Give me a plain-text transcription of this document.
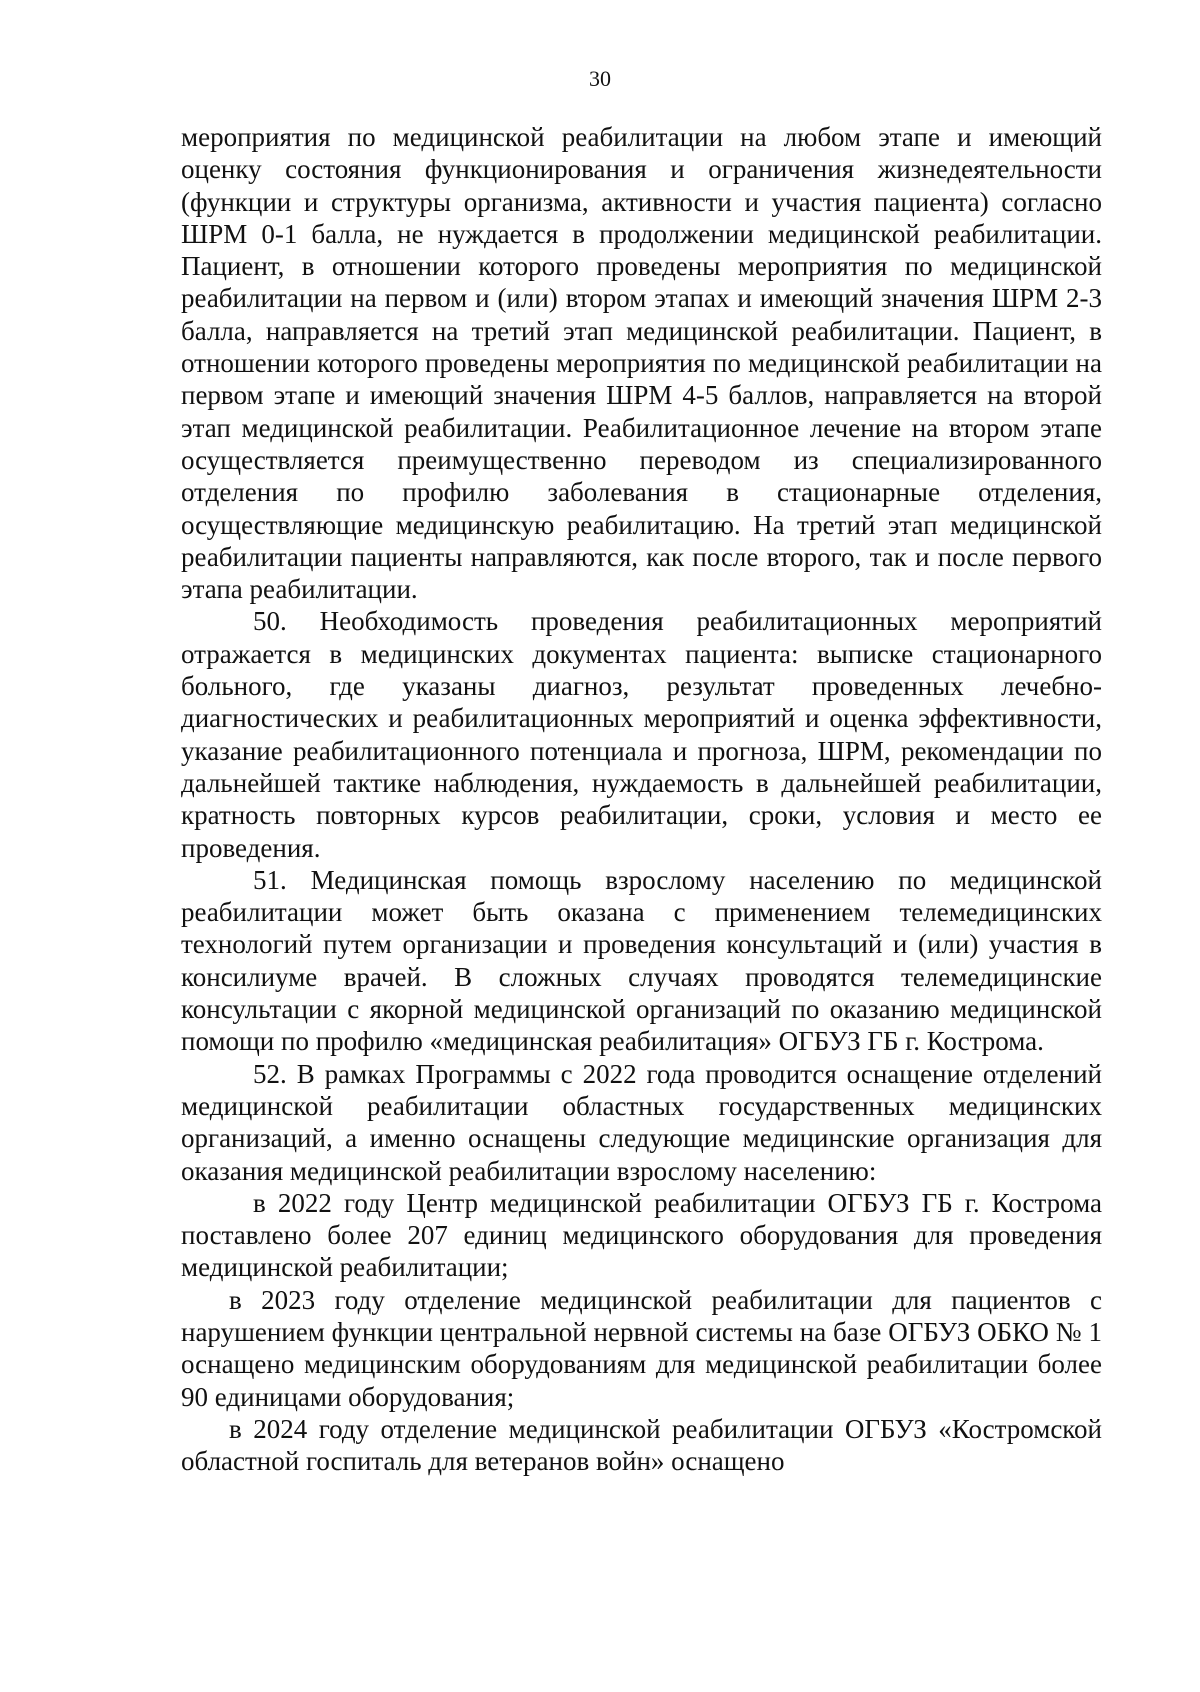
30

мероприятия по медицинской реабилитации на любом этапе и имеющий оценку состояния функционирования и ограничения жизнедеятельности (функции и структуры организма, активности и участия пациента) согласно ШРМ 0-1 балла, не нуждается в продолжении медицинской реабилитации. Пациент, в отношении которого проведены мероприятия по медицинской реабилитации на первом и (или) втором этапах и имеющий значения ШРМ 2-3 балла, направляется на третий этап медицинской реабилитации. Пациент, в отношении которого проведены мероприятия по медицинской реабилитации на первом этапе и имеющий значения ШРМ 4-5 баллов, направляется на второй этап медицинской реабилитации. Реабилитационное лечение на втором этапе осуществляется преимущественно переводом из специализированного отделения по профилю заболевания в стационарные отделения, осуществляющие медицинскую реабилитацию. На третий этап медицинской реабилитации пациенты направляются, как после второго, так и после первого этапа реабилитации.

50. Необходимость проведения реабилитационных мероприятий отражается в медицинских документах пациента: выписке стационарного больного, где указаны диагноз, результат проведенных лечебно-диагностических и реабилитационных мероприятий и оценка эффективности, указание реабилитационного потенциала и прогноза, ШРМ, рекомендации по дальнейшей тактике наблюдения, нуждаемость в дальнейшей реабилитации, кратность повторных курсов реабилитации, сроки, условия и место ее проведения.

51. Медицинская помощь взрослому населению по медицинской реабилитации может быть оказана с применением телемедицинских технологий путем организации и проведения консультаций и (или) участия в консилиуме врачей. В сложных случаях проводятся телемедицинские консультации с якорной медицинской организаций по оказанию медицинской помощи по профилю «медицинская реабилитация» ОГБУЗ ГБ г. Кострома.

52. В рамках Программы с 2022 года проводится оснащение отделений медицинской реабилитации областных государственных медицинских организаций, а именно оснащены следующие медицинские организация для оказания медицинской реабилитации взрослому населению:

в 2022 году Центр медицинской реабилитации ОГБУЗ ГБ г. Кострома поставлено более 207 единиц медицинского оборудования для проведения медицинской реабилитации;

в 2023 году отделение медицинской реабилитации для пациентов с нарушением функции центральной нервной системы на базе ОГБУЗ ОБКО № 1 оснащено медицинским оборудованиям для медицинской реабилитации более 90 единицами оборудования;

в 2024 году отделение медицинской реабилитации ОГБУЗ «Костромской областной госпиталь для ветеранов войн» оснащено
